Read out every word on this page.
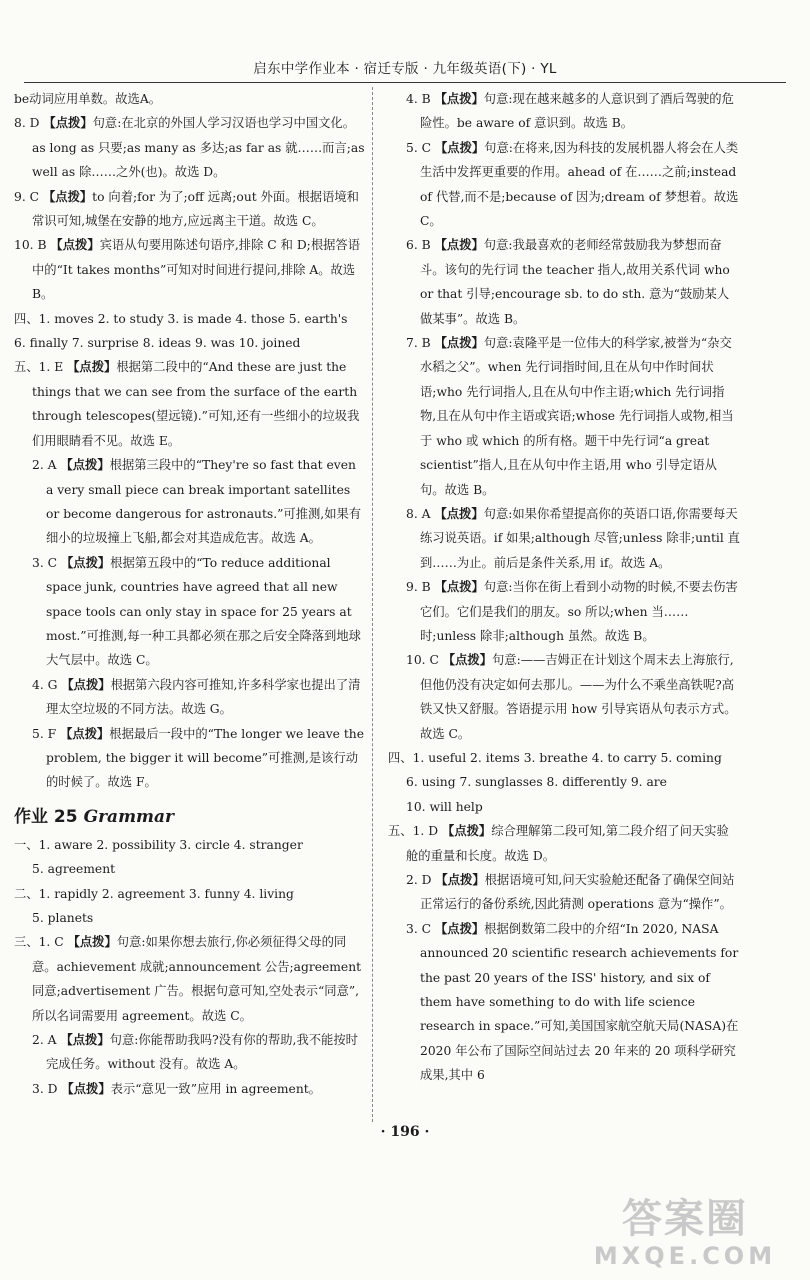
启东中学作业本 · 宿迁专版 · 九年级英语(下) · YL

be动词应用单数。故选A。

8. D 【点拨】句意:在北京的外国人学习汉语也学习中国文化。as long as 只要;as many as 多达;as far as 就……而言;as well as 除……之外(也)。故选 D。

9. C 【点拨】to 向着;for 为了;off 远离;out 外面。根据语境和常识可知,城堡在安静的地方,应远离主干道。故选 C。

10. B 【点拨】宾语从句要用陈述句语序,排除 C 和 D;根据答语中的“It takes months”可知对时间进行提问,排除 A。故选 B。

四、1. moves 2. to study 3. is made 4. those 5. earth's

6. finally 7. surprise 8. ideas 9. was 10. joined

五、1. E 【点拨】根据第二段中的“And these are just the things that we can see from the surface of the earth through telescopes(望远镜).”可知,还有一些细小的垃圾我们用眼睛看不见。故选 E。

2. A 【点拨】根据第三段中的“They're so fast that even a very small piece can break important satellites or become dangerous for astronauts.”可推测,如果有细小的垃圾撞上飞船,都会对其造成危害。故选 A。

3. C 【点拨】根据第五段中的“To reduce additional space junk, countries have agreed that all new space tools can only stay in space for 25 years at most.”可推测,每一种工具都必须在那之后安全降落到地球大气层中。故选 C。

4. G 【点拨】根据第六段内容可推知,许多科学家也提出了清理太空垃圾的不同方法。故选 G。

5. F 【点拨】根据最后一段中的“The longer we leave the problem, the bigger it will become”可推测,是该行动的时候了。故选 F。

作业 25 Grammar

一、1. aware 2. possibility 3. circle 4. stranger

5. agreement

二、1. rapidly 2. agreement 3. funny 4. living

5. planets

三、1. C 【点拨】句意:如果你想去旅行,你必须征得父母的同意。achievement 成就;announcement 公告;agreement 同意;advertisement 广告。根据句意可知,空处表示“同意”,所以名词需要用 agreement。故选 C。

2. A 【点拨】句意:你能帮助我吗?没有你的帮助,我不能按时完成任务。without 没有。故选 A。

3. D 【点拨】表示“意见一致”应用 in agreement。

4. B 【点拨】句意:现在越来越多的人意识到了酒后驾驶的危险性。be aware of 意识到。故选 B。

5. C 【点拨】句意:在将来,因为科技的发展机器人将会在人类生活中发挥更重要的作用。ahead of 在……之前;instead of 代替,而不是;because of 因为;dream of 梦想着。故选 C。

6. B 【点拨】句意:我最喜欢的老师经常鼓励我为梦想而奋斗。该句的先行词 the teacher 指人,故用关系代词 who or that 引导;encourage sb. to do sth. 意为“鼓励某人做某事”。故选 B。

7. B 【点拨】句意:袁隆平是一位伟大的科学家,被誉为“杂交水稻之父”。when 先行词指时间,且在从句中作时间状语;who 先行词指人,且在从句中作主语;which 先行词指物,且在从句中作主语或宾语;whose 先行词指人或物,相当于 who 或 which 的所有格。题干中先行词“a great scientist”指人,且在从句中作主语,用 who 引导定语从句。故选 B。

8. A 【点拨】句意:如果你希望提高你的英语口语,你需要每天练习说英语。if 如果;although 尽管;unless 除非;until 直到……为止。前后是条件关系,用 if。故选 A。

9. B 【点拨】句意:当你在街上看到小动物的时候,不要去伤害它们。它们是我们的朋友。so 所以;when 当……时;unless 除非;although 虽然。故选 B。

10. C 【点拨】句意:——吉姆正在计划这个周末去上海旅行,但他仍没有决定如何去那儿。——为什么不乘坐高铁呢?高铁又快又舒服。答语提示用 how 引导宾语从句表示方式。故选 C。

四、1. useful 2. items 3. breathe 4. to carry 5. coming

6. using 7. sunglasses 8. differently 9. are

10. will help

五、1. D 【点拨】综合理解第二段可知,第二段介绍了问天实验舱的重量和长度。故选 D。

2. D 【点拨】根据语境可知,问天实验舱还配备了确保空间站正常运行的备份系统,因此猜测 operations 意为“操作”。

3. C 【点拨】根据倒数第二段中的介绍“In 2020, NASA announced 20 scientific research achievements for the past 20 years of the ISS' history, and six of them have something to do with life science research in space.”可知,美国国家航空航天局(NASA)在 2020 年公布了国际空间站过去 20 年来的 20 项科学研究成果,其中 6

· 196 ·
答案圈
MXQE.COM
